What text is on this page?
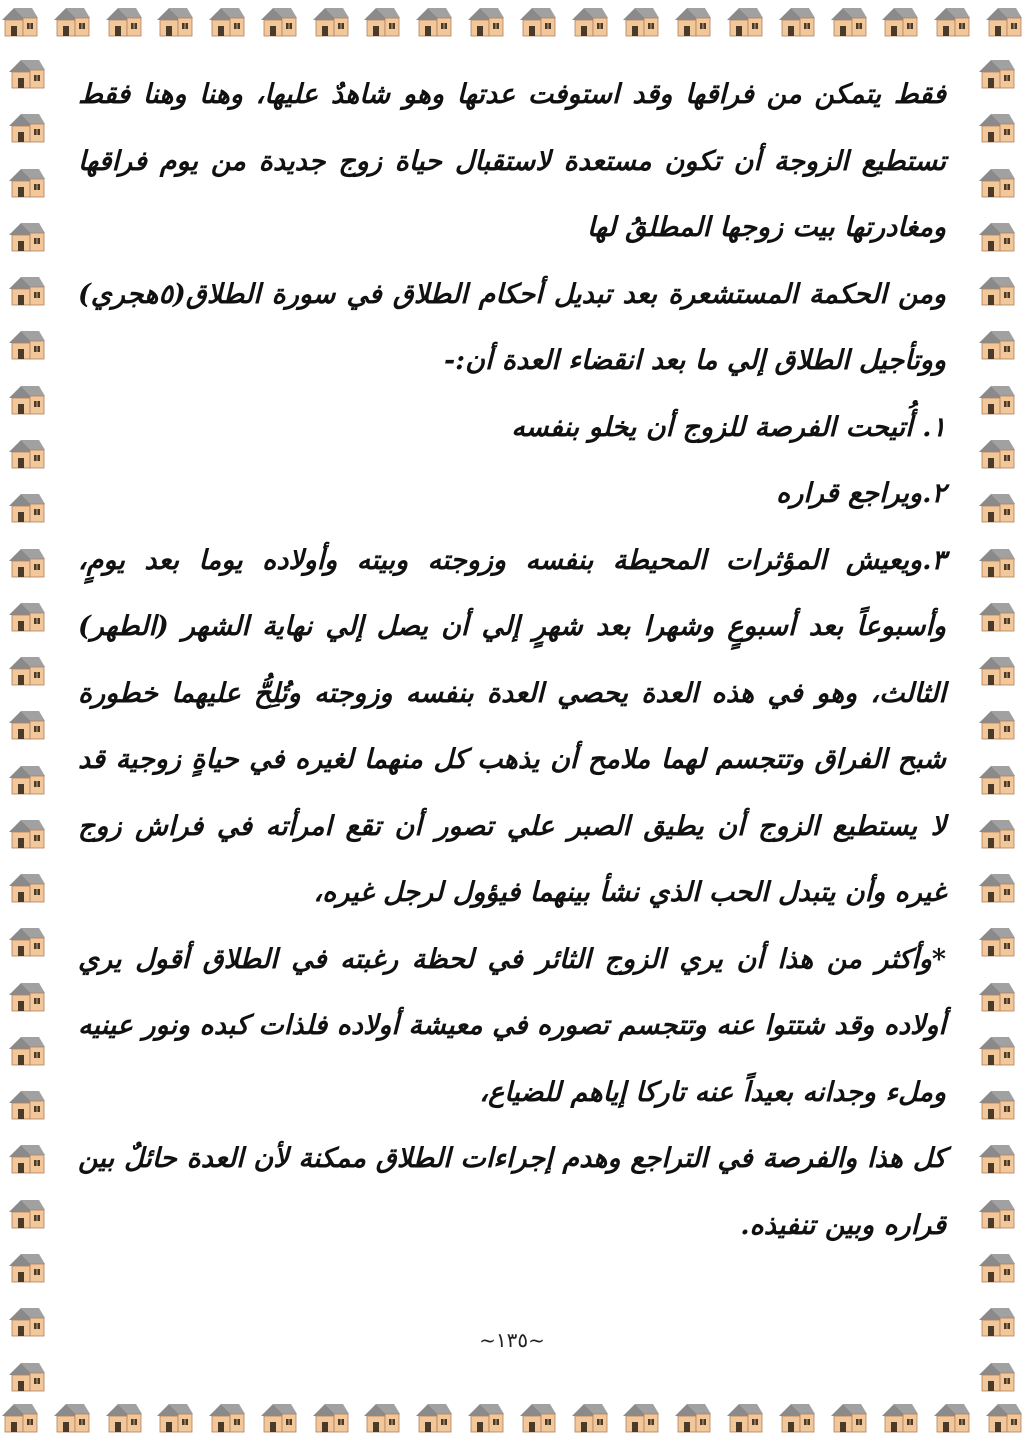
فقط يتمكن من فراقها وقد استوفت عدتها وهو شاهدٌ عليها، وهنا وهنا فقط تستطيع الزوجة أن تكون مستعدة لاستقبال حياة زوج جديدة من يوم فراقها ومغادرتها بيت زوجها المطلقُ لها

ومن الحكمة المستشعرة بعد تبديل أحكام الطلاق في سورة الطلاق(٥هجري) ووتأجيل الطلاق إلي ما بعد انقضاء العدة أن:-

١. أُتيحت الفرصة للزوج أن يخلو بنفسه

٢.ويراجع قراره

٣.ويعيش المؤثرات المحيطة بنفسه وزوجته وبيته وأولاده يوما بعد يومٍ، وأسبوعاً بعد أسبوعٍ وشهرا بعد شهرٍ إلي أن يصل إلي نهاية الشهر (الطهر) الثالث، وهو في هذه العدة يحصي العدة بنفسه وزوجته وتُلِحُّ عليهما خطورة شبح الفراق وتتجسم لهما ملامح أن يذهب كل منهما لغيره في حياةٍ زوجية قد لا يستطيع الزوج أن يطيق الصبر علي تصور أن تقع امرأته في فراش زوج غيره وأن يتبدل الحب الذي نشأ بينهما فيؤول لرجل غيره،

*وأكثر من هذا أن يري الزوج الثائر في لحظة رغبته في الطلاق أقول يري أولاده وقد شتتوا عنه وتتجسم تصوره في معيشة أولاده فلذات كبده ونور عينيه وملء وجدانه بعيداً عنه تاركا إياهم للضياع،

كل هذا والفرصة في التراجع وهدم إجراءات الطلاق ممكنة لأن العدة حائلٌ بين قراره وبين تنفيذه.

~١٣٥~
